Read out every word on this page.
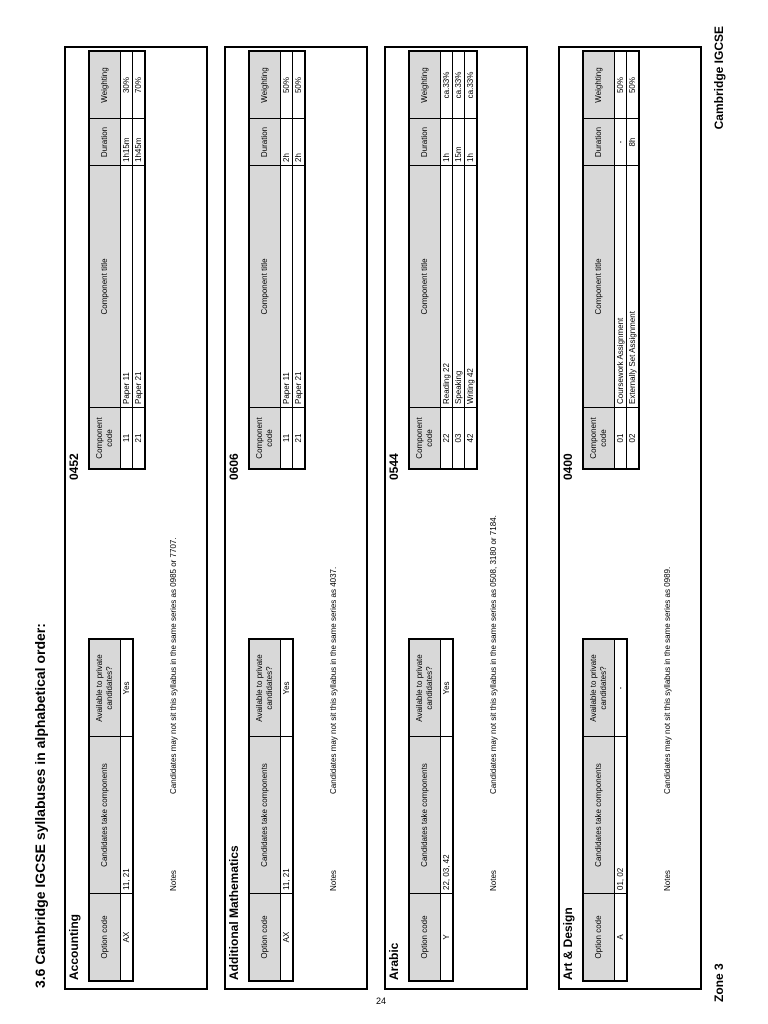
3.6 Cambridge IGCSE syllabuses in alphabetical order: Accounting
0452
Option code	Candidates take components	Available to private candidates?
AX	11, 21	Yes
Component code	Component title	Duration	Weighting
11	Paper 11	1h15m	30%
21	Paper 21	1h45m	70%
Notes
Candidates may not sit this syllabus in the same series as 0985 or 7707.
Additional Mathematics
0606
Option code	Candidates take components	Available to private candidates?
AX	11, 21	Yes
Component code	Component title	Duration	Weighting
11	Paper 11	2h	50%
21	Paper 21	2h	50%
Notes
Candidates may not sit this syllabus in the same series as 4037.
Arabic
0544
Option code	Candidates take components	Available to private candidates?
Y	22, 03, 42	Yes
Component code	Component title	Duration	Weighting
22	Reading 22	1h	ca.33%
03	Speaking	15m	ca.33%
42	Writing 42	1h	ca.33%
Notes
Candidates may not sit this syllabus in the same series as 0508, 3180 or 7184.
Art & Design
0400
Option code	Candidates take components	Available to private candidates?
A	01, 02	-
Component code	Component title	Duration	Weighting
01	Coursework Assignment	-	50%
02	Externally Set Assignment	8h	50%
Notes
Candidates may not sit this syllabus in the same series as 0989.
Zone 3
Cambridge IGCSE
24
